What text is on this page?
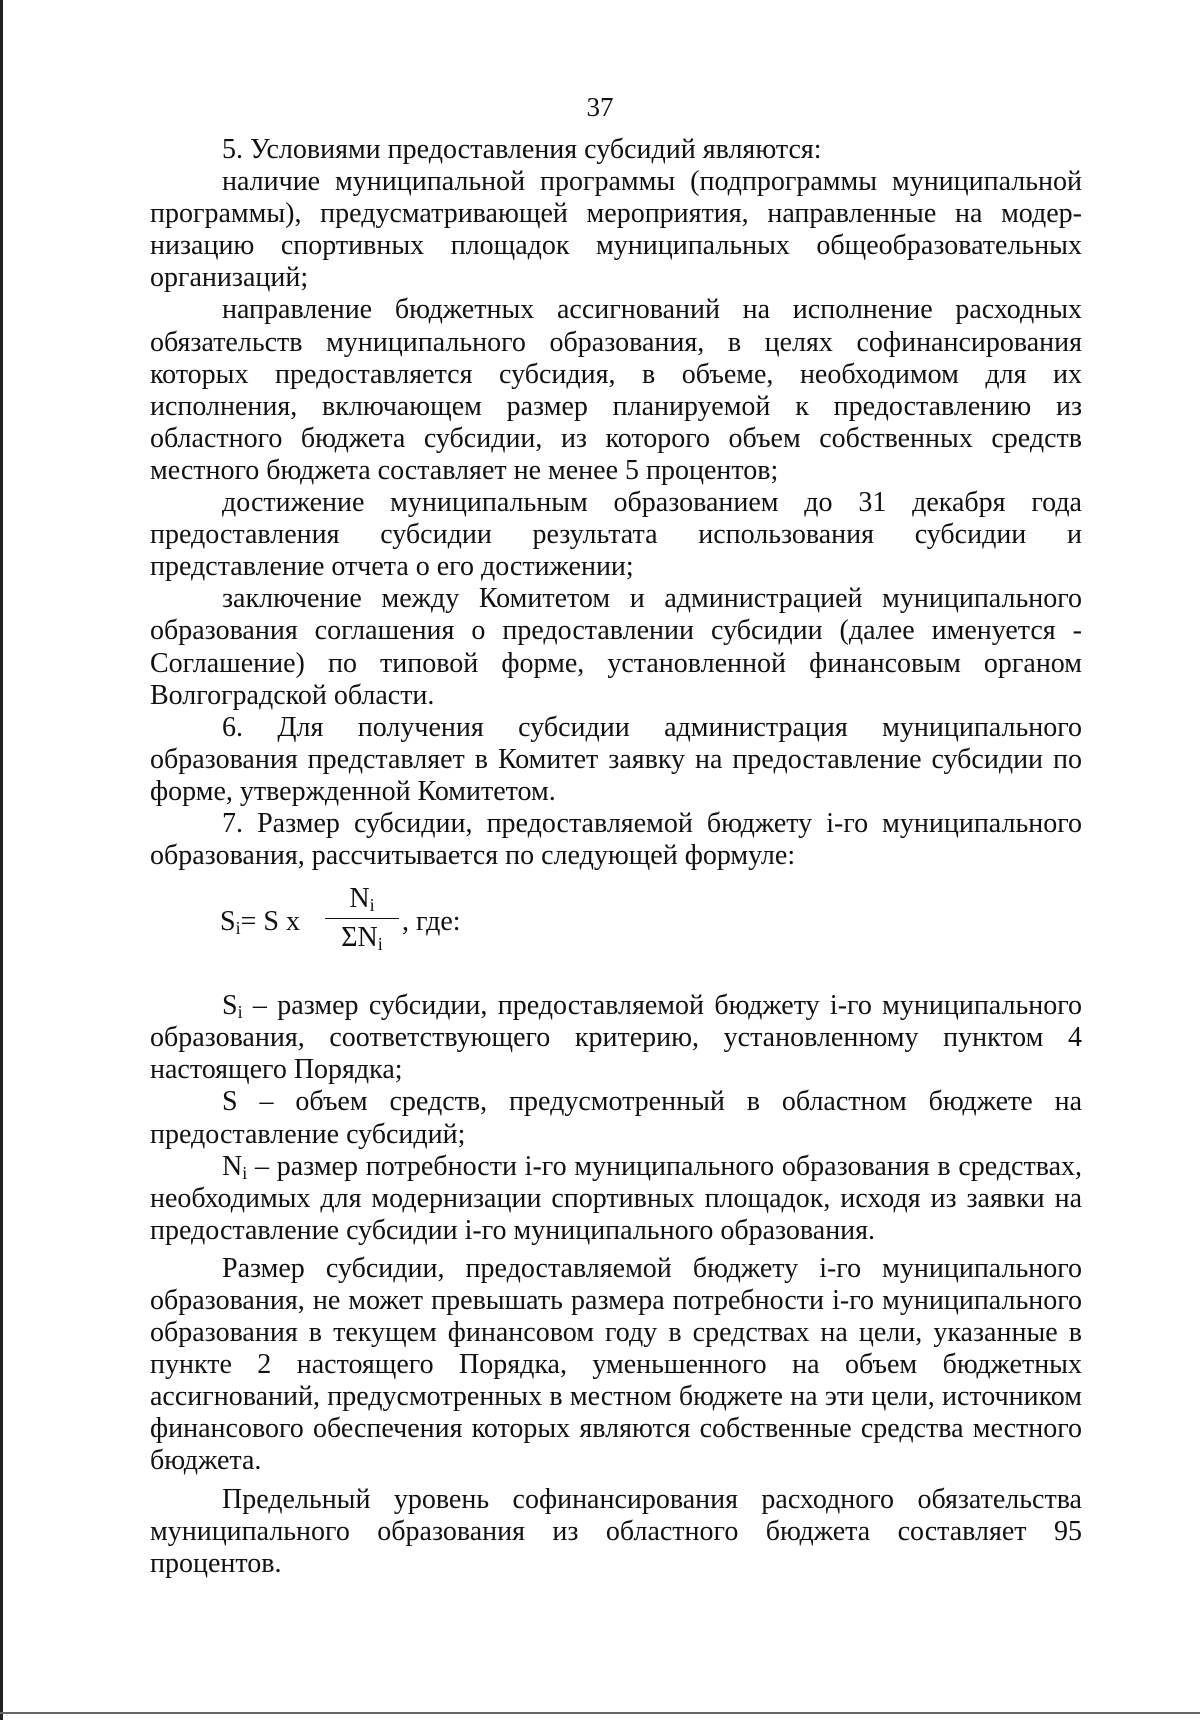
37

5. Условиями предоставления субсидий являются:

наличие муниципальной программы (подпрограммы муниципальной программы), предусматривающей мероприятия, направленные на модернизацию спортивных площадок муниципальных общеобразовательных организаций;

направление бюджетных ассигнований на исполнение расходных обязательств муниципального образования, в целях софинансирования которых предоставляется субсидия, в объеме, необходимом для их исполнения, включающем размер планируемой к предоставлению из областного бюджета субсидии, из которого объем собственных средств местного бюджета составляет не менее 5 процентов;

достижение муниципальным образованием до 31 декабря года предоставления субсидии результата использования субсидии и представление отчета о его достижении;

заключение между Комитетом и администрацией муниципального образования соглашения о предоставлении субсидии (далее именуется - Соглашение) по типовой форме, установленной финансовым органом Волгоградской области.

6. Для получения субсидии администрация муниципального образования представляет в Комитет заявку на предоставление субсидии по форме, утвержденной Комитетом.

7. Размер субсидии, предоставляемой бюджету i-го муниципального образования, рассчитывается по следующей формуле:

$S_i= S$ x
$N_i$
$\Sigma N_i$
, где:

$S_i$ – размер субсидии, предоставляемой бюджету i-го муниципального образования, соответствующего критерию, установленному пунктом 4 настоящего Порядка;

S – объем средств, предусмотренный в областном бюджете на предоставление субсидий;

$N_i$ – размер потребности i-го муниципального образования в средствах, необходимых для модернизации спортивных площадок, исходя из заявки на предоставление субсидии i-го муниципального образования.

Размер субсидии, предоставляемой бюджету i-го муниципального образования, не может превышать размера потребности i-го муниципального образования в текущем финансовом году в средствах на цели, указанные в пункте 2 настоящего Порядка, уменьшенного на объем бюджетных ассигнований, предусмотренных в местном бюджете на эти цели, источником финансового обеспечения которых являются собственные средства местного бюджета.

Предельный уровень софинансирования расходного обязательства муниципального образования из областного бюджета составляет 95 процентов.
